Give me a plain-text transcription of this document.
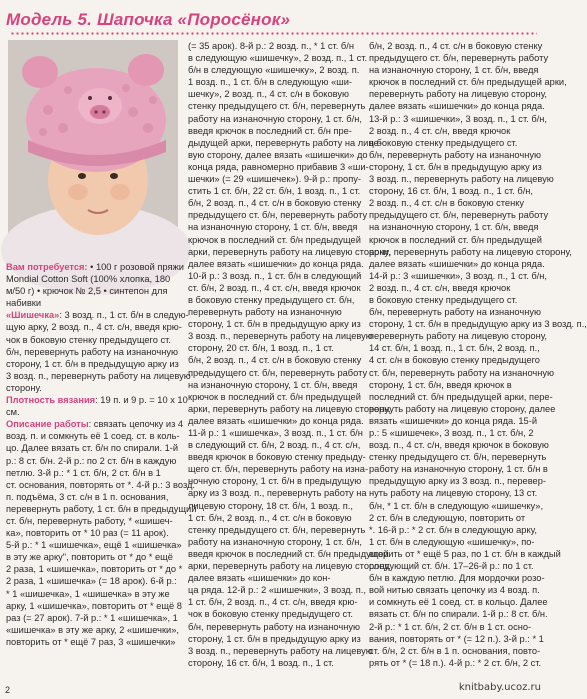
Модель 5. Шапочка «Поросёнок»

Вам потребуется: • 100 г розовой пряжи

Mondial Cotton Soft (100% хлопка, 180

м/50 г) • крючок № 2,5 • синтепон для

набивки

«Шишечка»: 3 возд. п., 1 ст. б/н в следую-

щую арку, 2 возд. п., 4 ст. с/н, введя крю-

чок в боковую стенку предыдущего ст.

б/н, перевернуть работу на изнаночную

сторону, 1 ст. б/н в предыдущую арку из

3 возд. п., перевернуть работу на лицевую

сторону.

Плотность вязания: 19 п. и 9 р. = 10 х 10

см.

Описание работы: связать цепочку из 4

возд. п. и сомкнуть её 1 соед. ст. в коль-

цо. Далее вязать ст. б/н по спирали. 1-й

р.: 8 ст. б/н. 2-й р.: по 2 ст. б/н в каждую

петлю. 3-й р.: * 1 ст. б/н, 2 ст. б/н в 1

ст. основания, повторять от *. 4-й р.: 3 возд.

п. подъёма, 3 ст. с/н в 1 п. основания,

перевернуть работу, 1 ст. б/н в предыдущий

ст. б/н, перевернуть работу, * «шишеч-

ка», повторить от * 10 раз (= 11 арок).

5-й р.: * 1 «шишечка», ещё 1 «шишечка»

в эту же арку", повторить от * до * ещё

2 раза, 1 «шишечка», повторить от * до *

2 раза, 1 «шишечка» (= 18 арок). 6-й р.:

* 1 «шишечка», 1 «шишечка» в эту же

арку, 1 «шишечка», повторить от * ещё 8

раз (= 27 арок). 7-й р.: * 1 «шишечка», 1

«шишечка» в эту же арку, 2 «шишечки»,

повторить от * ещё 7 раз, 3 «шишечки»

(= 35 арок). 8-й р.: 2 возд. п., * 1 ст. б/н

в следующую «шишечку», 2 возд. п., 1 ст.

б/н в следующую «шишечку», 2 возд. п.

1 возд. п., 1 ст. б/н в следующую «ши-

шечку», 2 возд. п., 4 ст. с/н в боковую

стенку предыдущего ст. б/н, перевернуть

работу на изнаночную сторону, 1 ст. б/н,

введя крючок в последний ст. б/н пре-

дыдущей арки, перевернуть работу на лице-

вую сторону, далее вязать «шишечки» до

конца ряда, равномерно прибавив 3 «ши-

шечки» (= 29 «шишечек»). 9-й р.: пропу-

стить 1 ст. б/н, 22 ст. б/н, 1 возд. п., 1 ст.

б/н, 2 возд. п., 4 ст. с/н в боковую стенку

предыдущего ст. б/н, перевернуть работу

на изнаночную сторону, 1 ст. б/н, введя

крючок в последний ст. б/н предыдущей

арки, перевернуть работу на лицевую сторону,

далее вязать «шишечки» до конца ряда.

10-й р.: 3 возд. п., 1 ст. б/н в следующий

ст. б/н, 2 возд. п., 4 ст. с/н, введя крючок

в боковую стенку предыдущего ст. б/н,

перевернуть работу на изнаночную

сторону, 1 ст. б/н в предыдущую арку из

3 возд. п., перевернуть работу на лицевую

сторону, 20 ст. б/н, 1 возд. п., 1 ст.

б/н, 2 возд. п., 4 ст. с/н в боковую стенку

предыдущего ст. б/н, перевернуть работу

на изнаночную сторону, 1 ст. б/н, введя

крючок в последний ст. б/н предыдущей

арки, перевернуть работу на лицевую сторону,

далее вязать «шишечки» до конца ряда.

11-й р.: 1 «шишечка», 3 возд. п., 1 ст. б/н

в следующий ст. б/н, 2 возд. п., 4 ст. с/н,

введя крючок в боковую стенку предыду-

щего ст. б/н, перевернуть работу на изна-

ночную сторону, 1 ст. б/н в предыдущую

арку из 3 возд. п., перевернуть работу на

лицевую сторону, 18 ст. б/н, 1 возд. п.,

1 ст. б/н, 2 возд. п., 4 ст. с/н в боковую

стенку предыдущего ст. б/н, перевернуть

работу на изнаночную сторону, 1 ст. б/н,

введя крючок в последний ст. б/н предыдущей

арки, перевернуть работу на лицевую сторону,

далее вязать «шишечки» до кон-

ца ряда. 12-й р.: 2 «шишечки», 3 возд. п.,

1 ст. б/н, 2 возд. п., 4 ст. с/н, введя крю-

чок в боковую стенку предыдущего ст.

б/н, перевернуть работу на изнаночную

сторону, 1 ст. б/н в предыдущую арку из

3 возд. п., перевернуть работу на лицевую

сторону, 16 ст. б/н, 1 возд. п., 1 ст.

б/н, 2 возд. п., 4 ст. с/н в боковую стенку

предыдущего ст. б/н, перевернуть работу

на изнаночную сторону, 1 ст. б/н, введя

крючок в последний ст. б/н предыдущей арки,

перевернуть работу на лицевую сторону,

далее вязать «шишечки» до конца ряда.

13-й р.: 3 «шишечки», 3 возд. п., 1 ст. б/н,

2 возд. п., 4 ст. с/н, введя крючок

в боковую стенку предыдущего ст.

б/н, перевернуть работу на изнаночную

сторону, 1 ст. б/н в предыдущую арку из

3 возд. п., перевернуть работу на лицевую

сторону, 16 ст. б/н, 1 возд. п., 1 ст. б/н,

2 возд. п., 4 ст. с/н в боковую стенку

предыдущего ст. б/н, перевернуть работу

на изнаночную сторону, 1 ст. б/н, введя

крючок в последний ст. б/н предыдущей

арки, перевернуть работу на лицевую сторону,

далее вязать «шишечки» до конца ряда.

14-й р.: 3 «шишечки», 3 возд. п., 1 ст. б/н,

2 возд. п., 4 ст. с/н, введя крючок

в боковую стенку предыдущего ст.

б/н, перевернуть работу на изнаночную

сторону, 1 ст. б/н в предыдущую арку из 3 возд. п.,

перевернуть работу на лицевую сторону,

14 ст. б/н, 1 возд. п., 1 ст. б/н, 2 возд. п.,

4 ст. с/н в боковую стенку предыдущего

ст. б/н, перевернуть работу на изнаночную

сторону, 1 ст. б/н, введя крючок в

последний ст. б/н предыдущей арки, пере-

вернуть работу на лицевую сторону, далее

вязать «шишечки» до конца ряда. 15-й

р.: 5 «шишечек», 3 возд. п., 1 ст. б/н, 2

возд. п., 4 ст. с/н, введя крючок в боковую

стенку предыдущего ст. б/н, перевернуть

работу на изнаночную сторону, 1 ст. б/н в

предыдущую арку из 3 возд. п., перевер-

нуть работу на лицевую сторону, 13 ст.

б/н, * 1 ст. б/н в следующую «шишечку»,

2 ст. б/н в следующую, повторить от

*. 16-й р.: * 2 ст. б/н в следующую арку,

1 ст. б/н в следующую «шишечку», по-

вторить от * ещё 5 раз, по 1 ст. б/н в каждый

следующий ст. б/н. 17–26-й р.: по 1 ст.

б/н в каждую петлю. Для мордочки розо-

вой нитью связать цепочку из 4 возд. п.

и сомкнуть её 1 соед. ст. в кольцо. Далее

вязать ст. б/н по спирали. 1-й р.: 8 ст. б/н.

2-й р.: * 1 ст. б/н, 2 ст. б/н в 1 ст. осно-

вания, повторять от * (= 12 п.). 3-й р.: * 1

ст. б/н, 2 ст. б/н в 1 п. основания, повто-

рять от * (= 18 п.). 4-й р.: * 2 ст. б/н, 2 ст.

2	knitbaby.ucoz.ru
